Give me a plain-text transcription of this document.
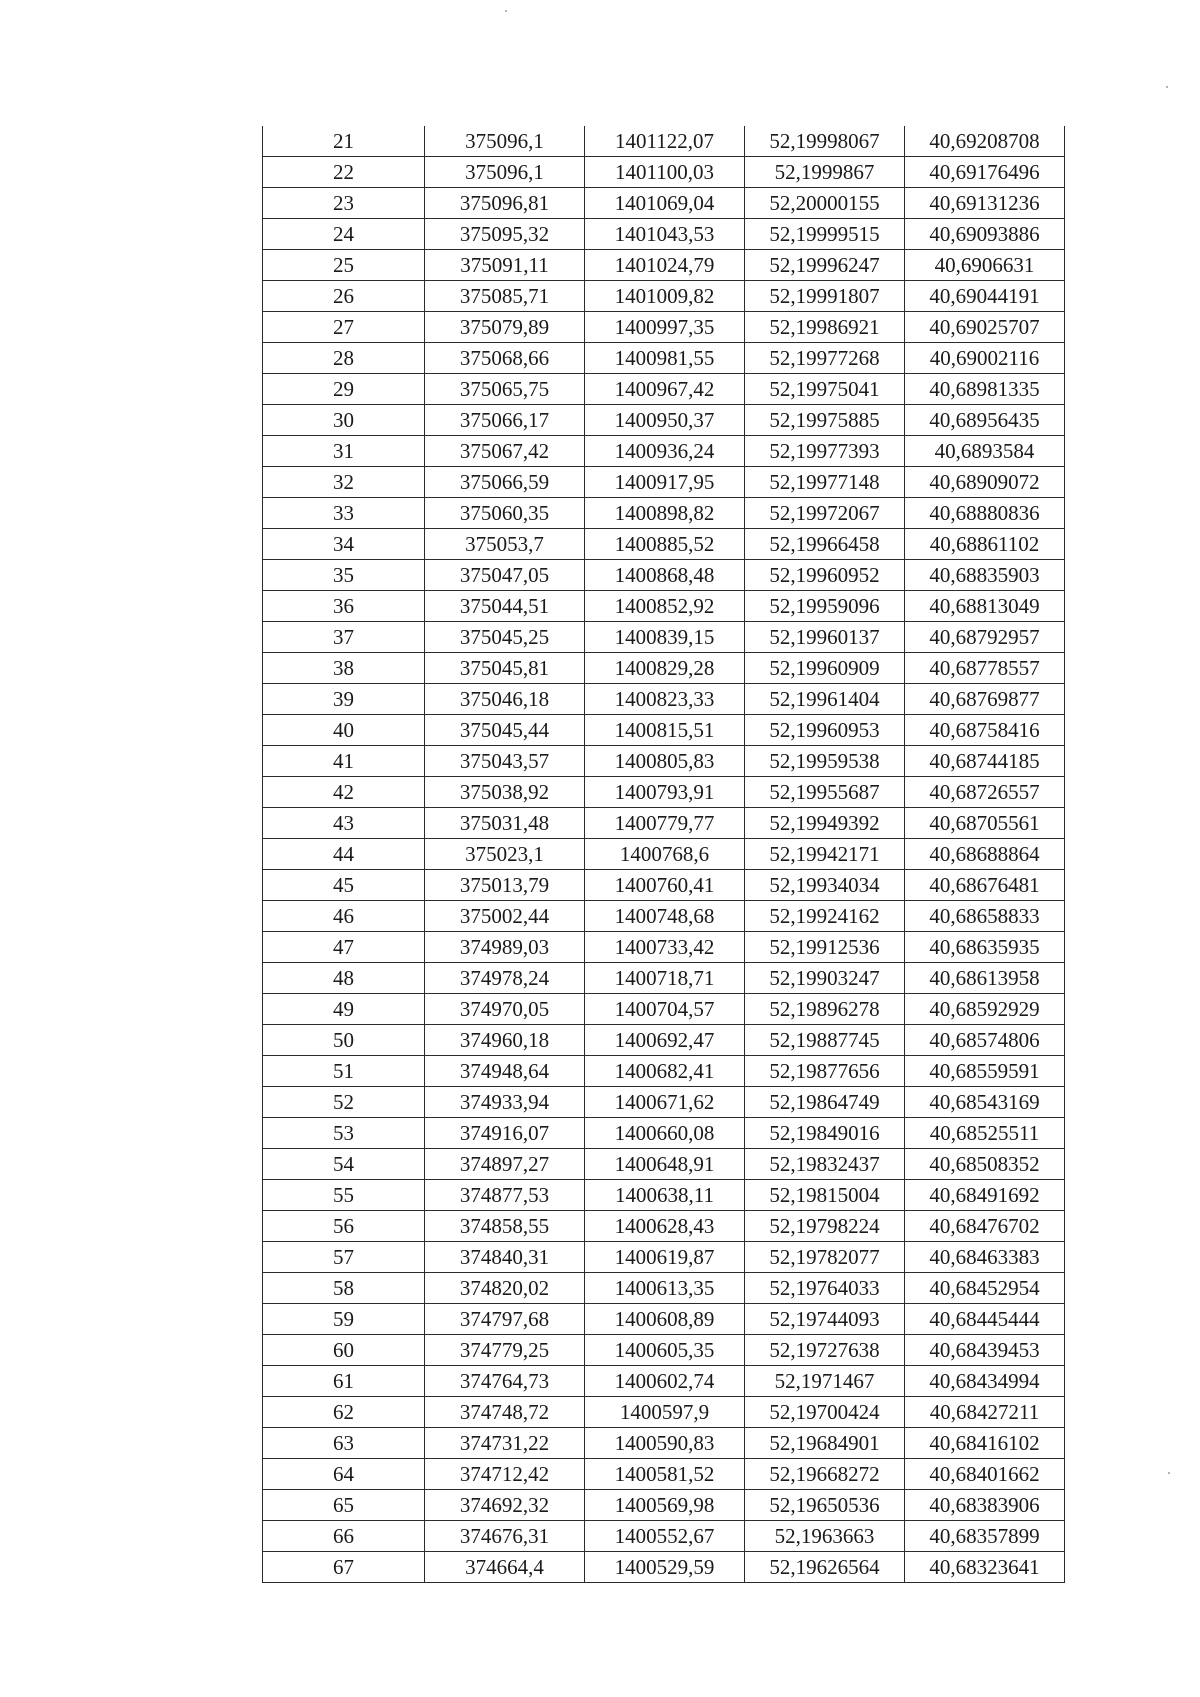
21	375096,1	1401122,07	52,19998067	40,69208708
22	375096,1	1401100,03	52,1999867	40,69176496
23	375096,81	1401069,04	52,20000155	40,69131236
24	375095,32	1401043,53	52,19999515	40,69093886
25	375091,11	1401024,79	52,19996247	40,6906631
26	375085,71	1401009,82	52,19991807	40,69044191
27	375079,89	1400997,35	52,19986921	40,69025707
28	375068,66	1400981,55	52,19977268	40,69002116
29	375065,75	1400967,42	52,19975041	40,68981335
30	375066,17	1400950,37	52,19975885	40,68956435
31	375067,42	1400936,24	52,19977393	40,6893584
32	375066,59	1400917,95	52,19977148	40,68909072
33	375060,35	1400898,82	52,19972067	40,68880836
34	375053,7	1400885,52	52,19966458	40,68861102
35	375047,05	1400868,48	52,19960952	40,68835903
36	375044,51	1400852,92	52,19959096	40,68813049
37	375045,25	1400839,15	52,19960137	40,68792957
38	375045,81	1400829,28	52,19960909	40,68778557
39	375046,18	1400823,33	52,19961404	40,68769877
40	375045,44	1400815,51	52,19960953	40,68758416
41	375043,57	1400805,83	52,19959538	40,68744185
42	375038,92	1400793,91	52,19955687	40,68726557
43	375031,48	1400779,77	52,19949392	40,68705561
44	375023,1	1400768,6	52,19942171	40,68688864
45	375013,79	1400760,41	52,19934034	40,68676481
46	375002,44	1400748,68	52,19924162	40,68658833
47	374989,03	1400733,42	52,19912536	40,68635935
48	374978,24	1400718,71	52,19903247	40,68613958
49	374970,05	1400704,57	52,19896278	40,68592929
50	374960,18	1400692,47	52,19887745	40,68574806
51	374948,64	1400682,41	52,19877656	40,68559591
52	374933,94	1400671,62	52,19864749	40,68543169
53	374916,07	1400660,08	52,19849016	40,68525511
54	374897,27	1400648,91	52,19832437	40,68508352
55	374877,53	1400638,11	52,19815004	40,68491692
56	374858,55	1400628,43	52,19798224	40,68476702
57	374840,31	1400619,87	52,19782077	40,68463383
58	374820,02	1400613,35	52,19764033	40,68452954
59	374797,68	1400608,89	52,19744093	40,68445444
60	374779,25	1400605,35	52,19727638	40,68439453
61	374764,73	1400602,74	52,1971467	40,68434994
62	374748,72	1400597,9	52,19700424	40,68427211
63	374731,22	1400590,83	52,19684901	40,68416102
64	374712,42	1400581,52	52,19668272	40,68401662
65	374692,32	1400569,98	52,19650536	40,68383906
66	374676,31	1400552,67	52,1963663	40,68357899
67	374664,4	1400529,59	52,19626564	40,68323641
